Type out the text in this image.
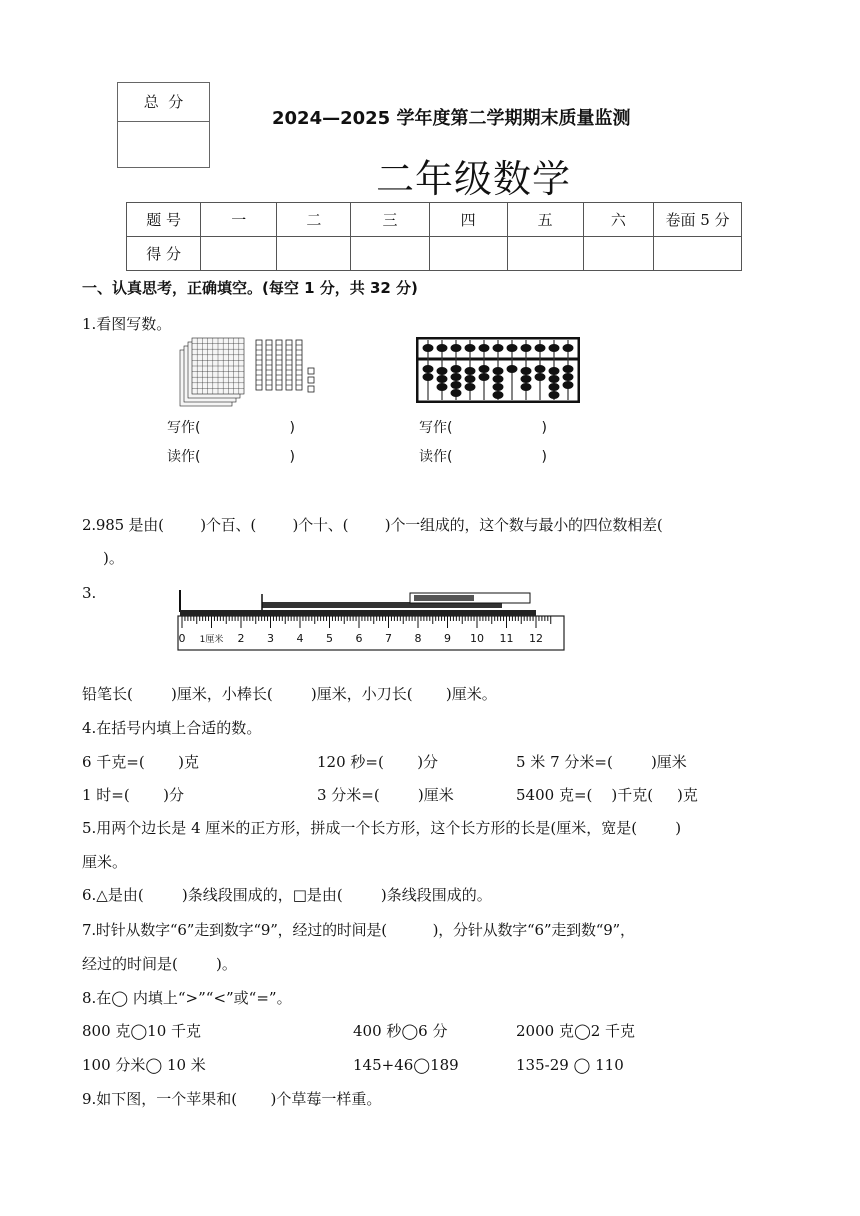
总  分
2024—2025 学年度第二学期期末质量监测
二年级数学
题 号	一	二	三	四	五	六	卷面 5 分
得 分							
一、认真思考，正确填空。(每空 1 分，共 32 分)
1.看图写数。
写作(                    )
读作(                    )
写作(                    )
读作(                    )
2.985 是由(        )个百、(        )个十、(        )个一组成的，这个数与最小的四位数相差(
)。
3.
0 1厘米 2 3 4 5 6 7 8 9 10 11 12
铅笔长(        )厘米，小棒长(        )厘米，小刀长(       )厘米。
4.在括号内填上合适的数。
6 千克=(       )克	120 秒=(       )分	5 米 7 分米=(        )厘米
1 时=(       )分	3 分米=(        )厘米	5400 克=(    )千克(     )克
5.用两个边长是 4 厘米的正方形，拼成一个长方形，这个长方形的长是(厘米，宽是(        )
厘米。
6.△是由(        )条线段围成的，□是由(        )条线段围成的。
7.时针从数字“6”走到数字“9”，经过的时间是(          )，分针从数字“6”走到数“9”，
经过的时间是(        )。
8.在◯ 内填上“>”“<”或“=”。
800 克◯10 千克	400 秒◯6 分	2000 克◯2 千克
100 分米◯ 10 米	145+46◯189	135-29 ◯ 110
9.如下图，一个苹果和(       )个草莓一样重。
